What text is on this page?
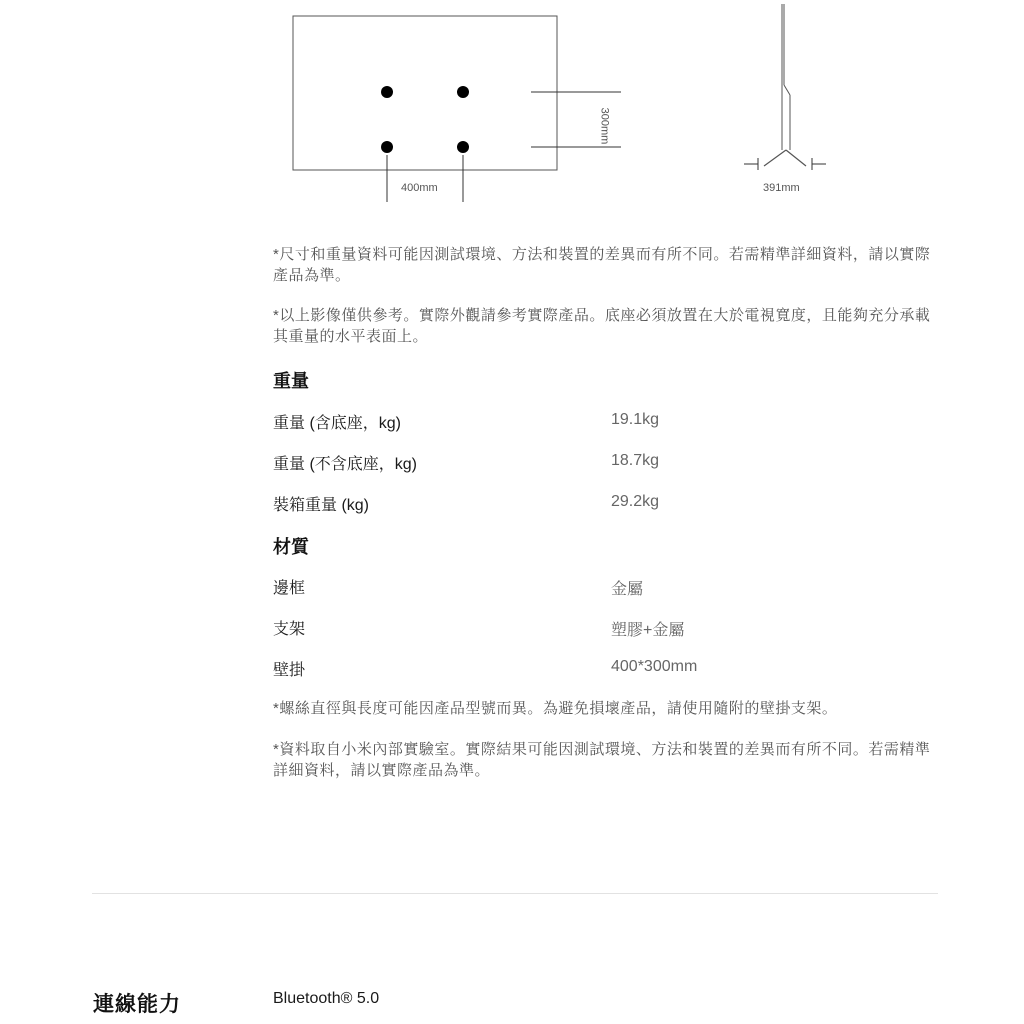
400mm
300mm
391mm
*尺寸和重量資料可能因測試環境、方法和裝置的差異而有所不同。若需精準詳細資料，請以實際產品為準。
*以上影像僅供參考。實際外觀請參考實際產品。底座必須放置在大於電視寬度，且能夠充分承載其重量的水平表面上。
重量
重量 (含底座，kg)	19.1kg
重量 (不含底座，kg)	18.7kg
裝箱重量 (kg)	29.2kg
材質
邊框	金屬
支架	塑膠+金屬
壁掛	400*300mm
*螺絲直徑與長度可能因產品型號而異。為避免損壞產品，請使用隨附的壁掛支架。
*資料取自小米內部實驗室。實際結果可能因測試環境、方法和裝置的差異而有所不同。若需精準詳細資料，請以實際產品為準。
連線能力	Bluetooth® 5.0
